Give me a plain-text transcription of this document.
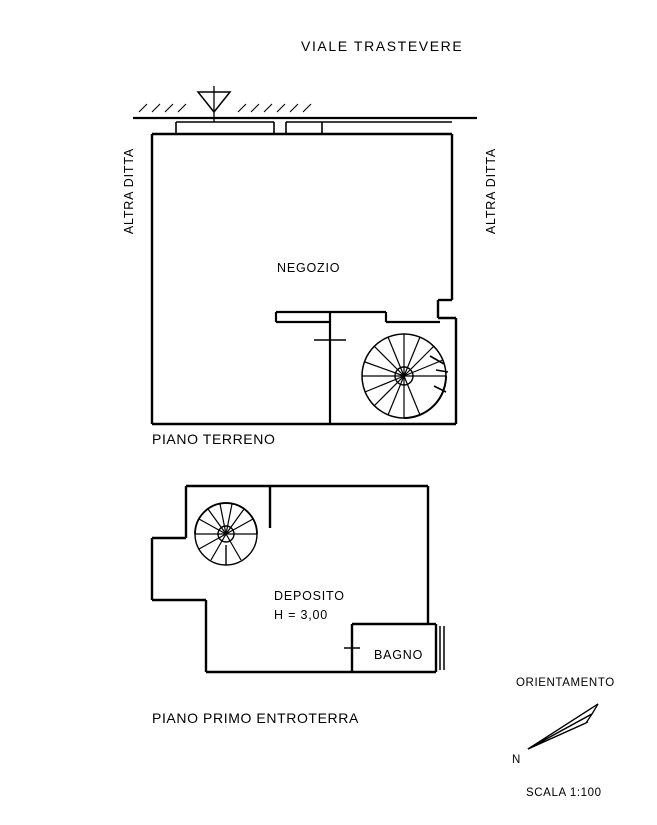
VIALE TRASTEVERE
ALTRA DITTA	ALTRA DITTA
NEGOZIO
PIANO TERRENO
DEPOSITO
H = 3,00
BAGNO
PIANO PRIMO ENTROTERRA
ORIENTAMENTO
N
SCALA 1:100
